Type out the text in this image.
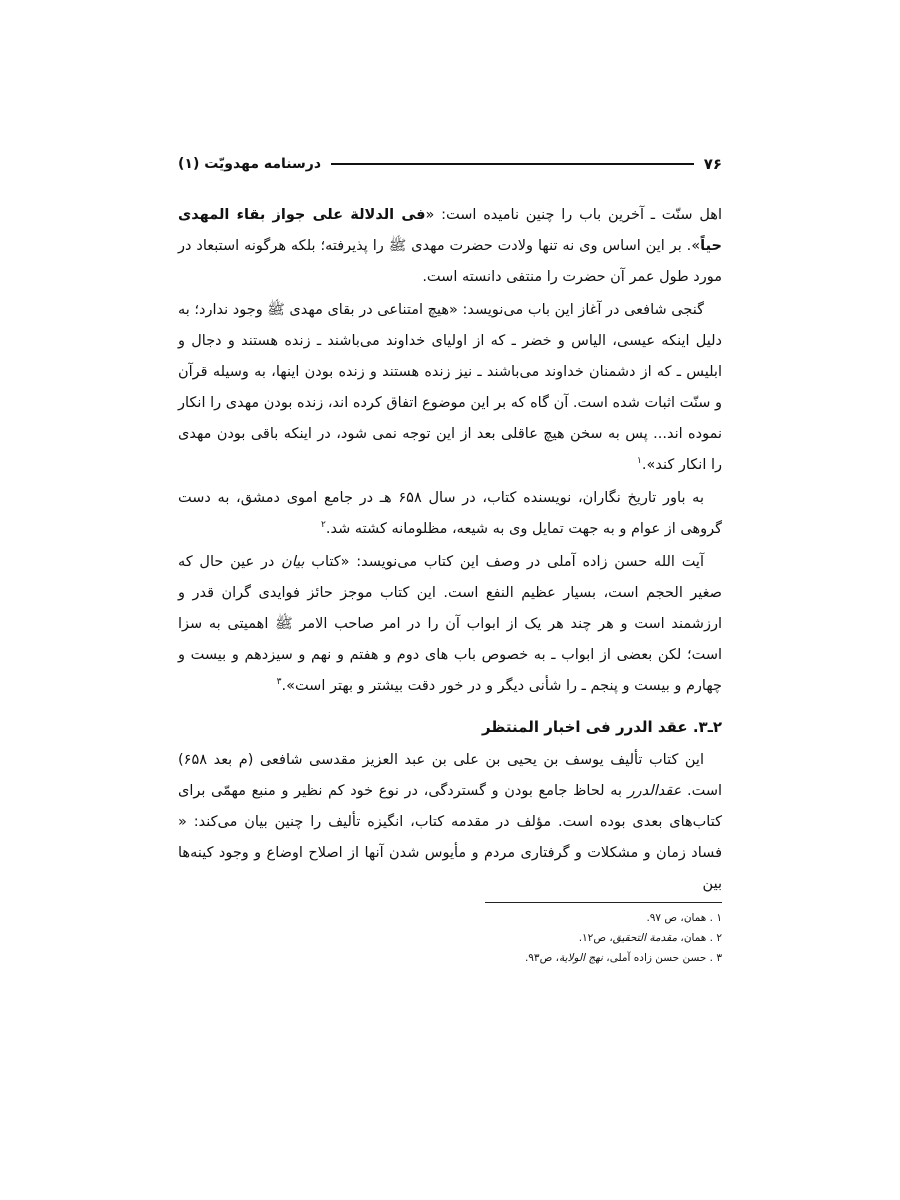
۷۶
درسنامه مهدویّت (۱)

اهل سنّت ـ آخرین باب را چنین نامیده است: «فی الدلالة علی جواز بقاء المهدی حیاً». بر این اساس وی نه تنها ولادت حضرت مهدی ﷺ را پذیرفته؛ بلکه هرگونه استبعاد در مورد طول عمر آن حضرت را منتفی دانسته است.

گنجی شافعی در آغاز این باب می‌نویسد: «هیچ امتناعی در بقای مهدی ﷺ وجود ندارد؛ به دلیل اینکه عیسی، الیاس و خضر ـ که از اولیای خداوند می‌باشند ـ زنده هستند و دجال و ابلیس ـ که از دشمنان خداوند می‌باشند ـ نیز زنده هستند و زنده بودن اینها، به وسیله قرآن و سنّت اثبات شده است. آن گاه که بر این موضوع اتفاق کرده اند، زنده بودن مهدی را انکار نموده اند... پس به سخن هیچ عاقلی بعد از این توجه نمی شود، در اینکه باقی بودن مهدی را انکار کند».$^۱$

به باور تاریخ نگاران، نویسنده کتاب، در سال ۶۵۸ هـ در جامع اموی دمشق، به دست گروهی از عوام و به جهت تمایل وی به شیعه، مظلومانه کشته شد.$^۲$

آیت الله حسن زاده آملی در وصف این کتاب می‌نویسد: «کتاب بیان در عین حال که صغیر الحجم است، بسیار عظیم النفع است. این کتاب موجز حائز فوایدی گران قدر و ارزشمند است و هر چند هر یک از ابواب آن را در امر صاحب الامر ﷺ اهمیتی به سزا است؛ لکن بعضی از ابواب ـ به خصوص باب های دوم و هفتم و نهم و سیزدهم و بیست و چهارم و بیست و پنجم ـ را شأنی دیگر و در خور دقت بیشتر و بهتر است».$^۳$

۲ـ۳. عقد الدرر فی اخبار المنتظر

این کتاب تألیف یوسف بن یحیی بن علی بن عبد العزیز مقدسی شافعی (م بعد ۶۵۸) است. عقدالدرر به لحاظ جامع بودن و گستردگی، در نوع خود کم نظیر و منبع مهمّی برای کتاب‌های بعدی بوده است. مؤلف در مقدمه کتاب، انگیزه تألیف را چنین بیان می‌کند: « فساد زمان و مشکلات و گرفتاری مردم و مأیوس شدن آنها از اصلاح اوضاع و وجود کینه‌ها بین

۱ . همان، ص ۹۷.
۲ . همان، مقدمة التحقیق، ص۱۲.
۳ . حسن حسن زاده آملی، نهج الولایة، ص۹۳.
